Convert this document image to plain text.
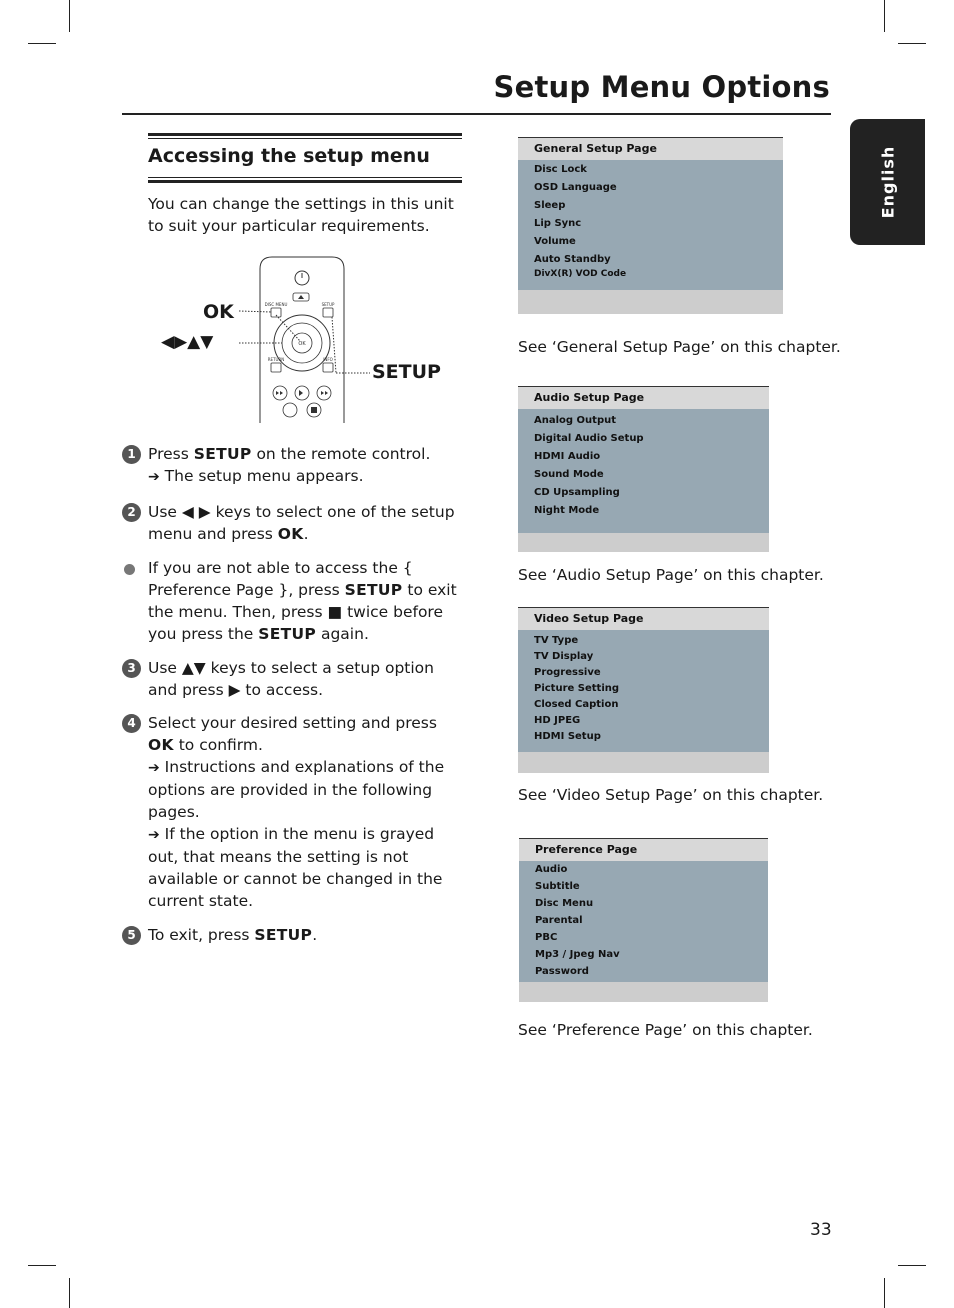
Setup Menu Options
English
Accessing the setup menu
You can change the settings in this unit to suit your particular requirements.
OK
◀▶▲▼
SETUP
DISC MENU	SETUP
OK
RETURN	INFO
1 Press SETUP on the remote control.
➔ The setup menu appears.
2 Use ◀ ▶ keys to select one of the setup menu and press OK.
If you are not able to access the { Preference Page }, press SETUP to exit the menu. Then, press ■ twice before you press the SETUP again.
3 Use ▲▼ keys to select a setup option and press ▶ to access.
4 Select your desired setting and press OK to confirm.
➔ Instructions and explanations of the options are provided in the following pages.
➔ If the option in the menu is grayed out, that means the setting is not available or cannot be changed in the current state.
5 To exit, press SETUP.
General Setup Page
Disc Lock
OSD Language
Sleep
Lip Sync
Volume
Auto Standby
DivX(R) VOD Code
See ‘General Setup Page’ on this chapter.
Audio Setup Page
Analog Output
Digital Audio Setup
HDMI Audio
Sound Mode
CD Upsampling
Night Mode
See ‘Audio Setup Page’ on this chapter.
Video Setup Page
TV Type
TV Display
Progressive
Picture Setting
Closed Caption
HD JPEG
HDMI Setup
See ‘Video Setup Page’ on this chapter.
Preference Page
Audio
Subtitle
Disc Menu
Parental
PBC
Mp3 / Jpeg Nav
Password
See ‘Preference Page’ on this chapter.
33
